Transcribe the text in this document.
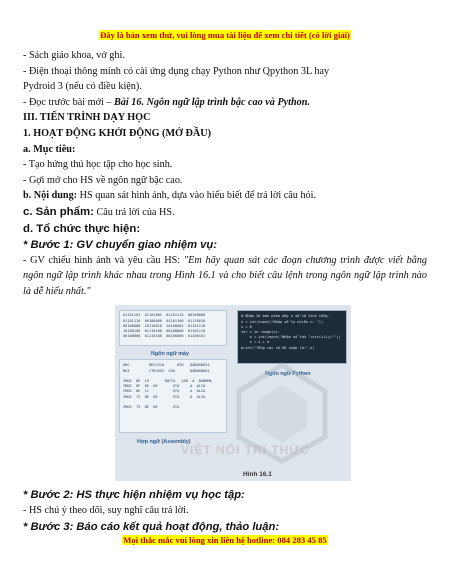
Đây là bản xem thử, vui lòng mua tài liệu để xem chi tiết (có lời giải)
- Sách giáo khoa, vở ghi.
- Điện thoại thông minh có cài ứng dụng chạy Python như Qpython 3L hay
Pydroid 3 (nếu có điều kiện).
- Đọc trước bài mới – Bài 16. Ngôn ngữ lập trình bậc cao và Python.
III. TIẾN TRÌNH DẠY HỌC
1. HOẠT ĐỘNG KHỞI ĐỘNG (MỞ ĐẦU)
a. Mục tiêu:
- Tạo hứng thú học tập cho học sinh.
- Gợi mở cho HS về ngôn ngữ bậc cao.
b. Nội dung: HS quan sát hình ảnh, dựa vào hiểu biết để trả lời câu hỏi.
c. Sản phẩm: Câu trả lời của HS.
d. Tổ chức thực hiện:
* Bước 1: GV chuyển giao nhiệm vụ:
- GV chiếu hình ảnh và yêu cầu HS: "Em hãy quan sát các đoạn chương trình được viết bằng ngôn ngữ lập trình khác nhau trong Hình 16.1 và cho biết câu lệnh trong ngôn ngữ lập trình nào là dễ hiểu nhất."
01101101  01101001  01101110  00100000
01101110  00100000  01101100  01110010
00100000  10110010  10100001  01101110
10100100  01110100  00100000  01101110
00100000  01110100  00100000  01100101
Ngôn ngữ máy
ORG         REG/S10      HIO   DANHG0031
MAI         CTRLRSS  SSO       DANHG0001

CMOS  0E  19       INCTA   1D0  A  DANHMA
CMOS  0F  0E  0E       STA     A  ALIA
CMOS  0E  11           STA     A  ALIA
CMOS  72  0E  0E       STA     A  ALIA

CMOS  73  0E  0E       STA
Hợp ngữ (Assembly)
# Nhập từ bàn phím dãy n số và tính tổng.
n = int(input("Nhập số tự nhiên n: "))
s = 0
for i in range(n):
a = int(input("Nhập số thứ "+str(i+1)+""))
s = s + a
print("Tổng các số đã nhập là:",s)
Ngôn ngữ Python
VIỆT NỐI TRI THỨC
Hình 16.1
* Bước 2: HS thực hiện nhiệm vụ học tập:
- HS chú ý theo dõi, suy nghĩ câu trả lời.
* Bước 3: Báo cáo kết quả hoạt động, thảo luận:
Mọi thắc mắc vui lòng xin liên hệ hotline: 084 283 45 85
